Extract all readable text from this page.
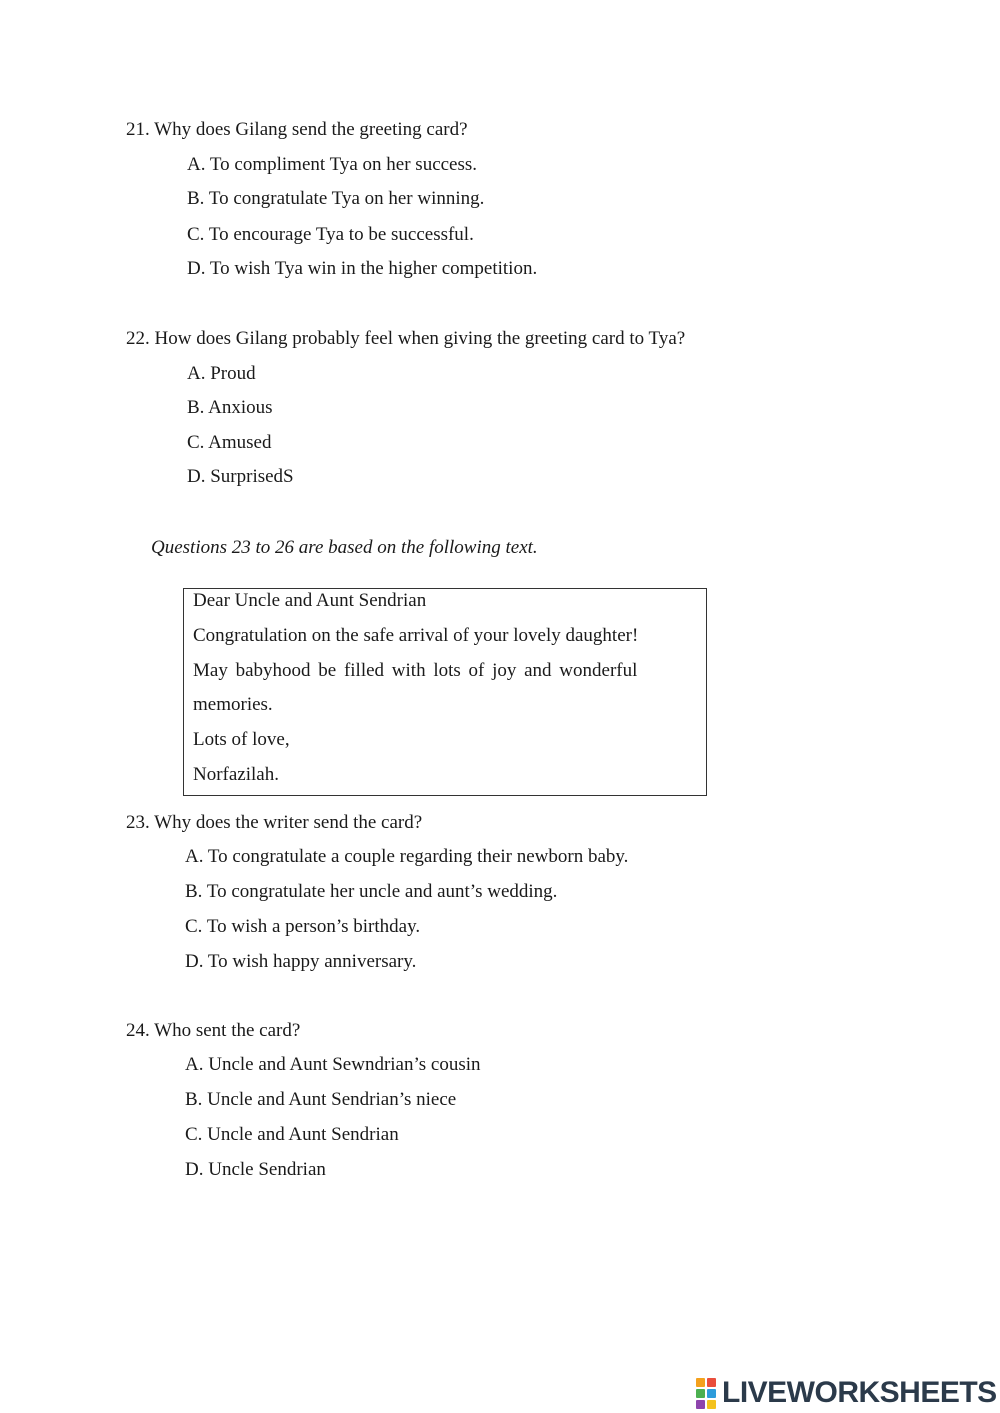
21. Why does Gilang send the greeting card?
A. To compliment Tya on her success.
B. To congratulate Tya on her winning.
C. To encourage Tya to be successful.
D. To wish Tya win in the higher competition.
22. How does Gilang probably feel when giving the greeting card to Tya?
A. Proud
B. Anxious
C. Amused
D. SurprisedS
Questions 23 to 26 are based on the following text.
Dear Uncle and Aunt Sendrian
Congratulation on the safe arrival of your lovely daughter!
May babyhood be filled with lots of joy and wonderful
memories.
Lots of love,
Norfazilah.
23. Why does the writer send the card?
A. To congratulate a couple regarding their newborn baby.
B. To congratulate her uncle and aunt’s wedding.
C. To wish a person’s birthday.
D. To wish happy anniversary.
24. Who sent the card?
A. Uncle and Aunt Sewndrian’s cousin
B. Uncle and Aunt Sendrian’s niece
C. Uncle and Aunt Sendrian
D. Uncle Sendrian
LIVEWORKSHEETS
